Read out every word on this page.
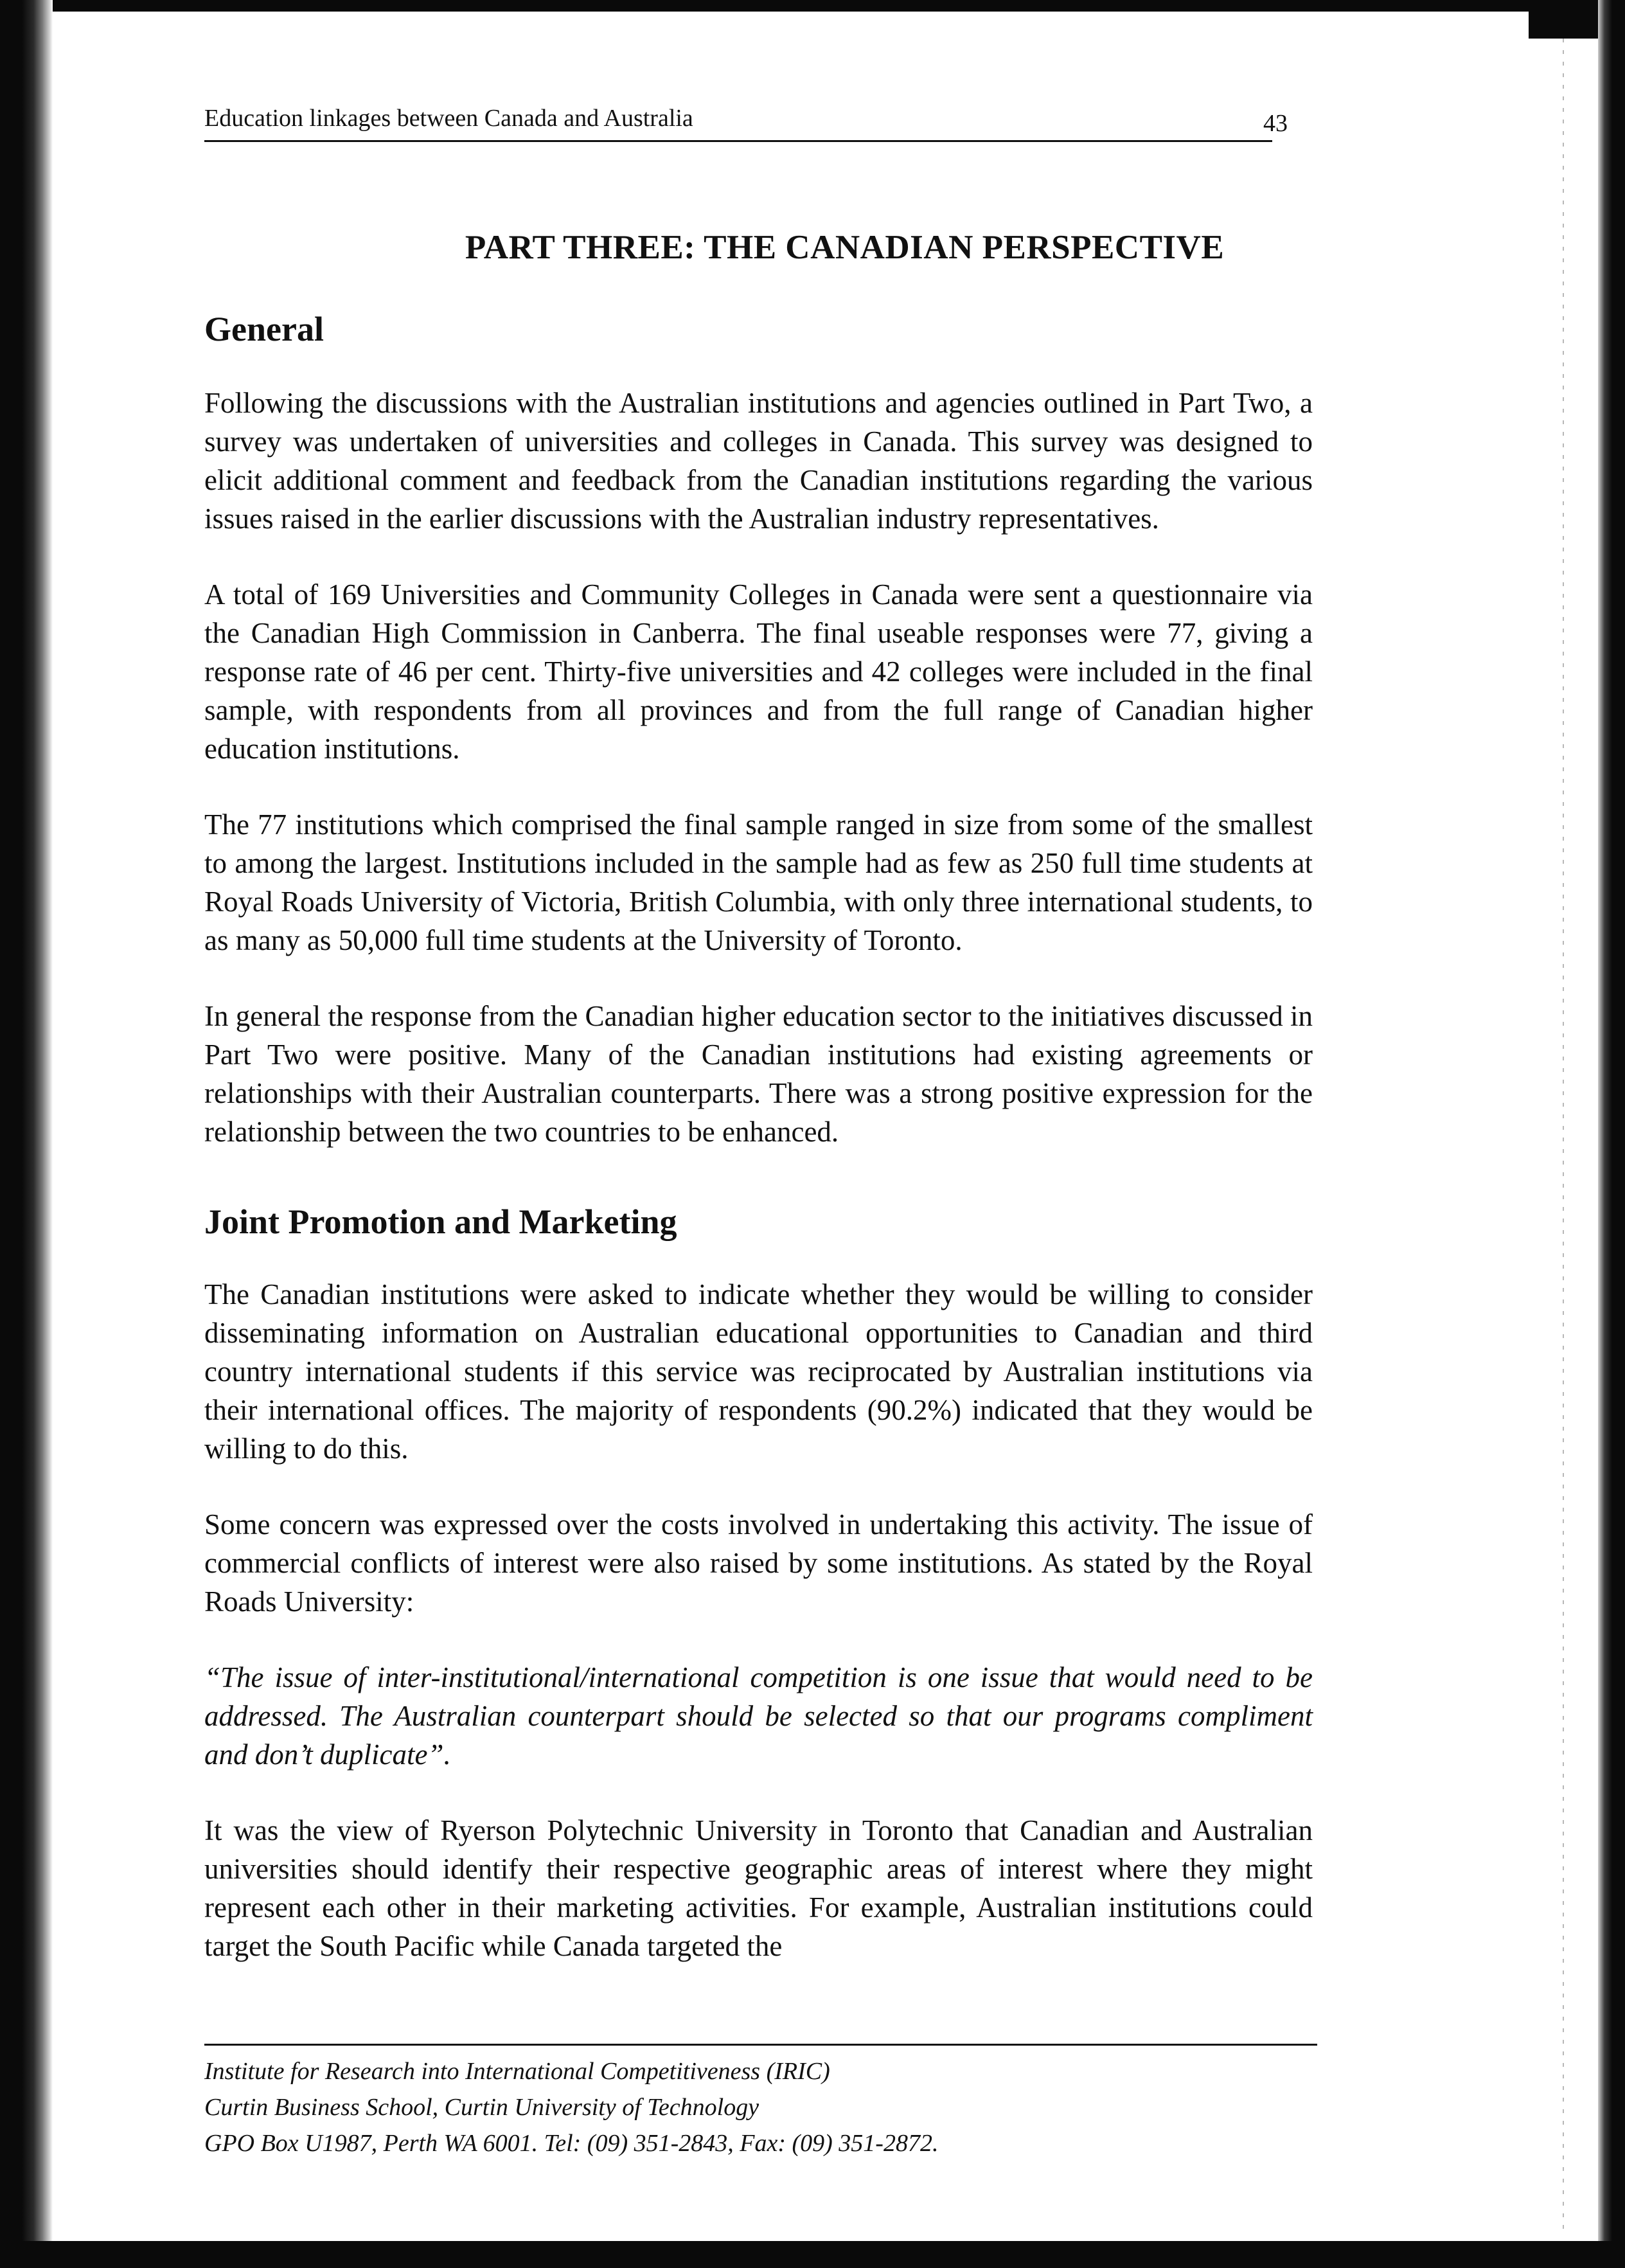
Education linkages between Canada and Australia	43
PART THREE: THE CANADIAN PERSPECTIVE
General

Following the discussions with the Australian institutions and agencies outlined in Part Two, a survey was undertaken of universities and colleges in Canada. This survey was designed to elicit additional comment and feedback from the Canadian institutions regarding the various issues raised in the earlier discussions with the Australian industry representatives.

A total of 169 Universities and Community Colleges in Canada were sent a questionnaire via the Canadian High Commission in Canberra. The final useable responses were 77, giving a response rate of 46 per cent. Thirty-five universities and 42 colleges were included in the final sample, with respondents from all provinces and from the full range of Canadian higher education institutions.

The 77 institutions which comprised the final sample ranged in size from some of the smallest to among the largest. Institutions included in the sample had as few as 250 full time students at Royal Roads University of Victoria, British Columbia, with only three international students, to as many as 50,000 full time students at the University of Toronto.

In general the response from the Canadian higher education sector to the initiatives discussed in Part Two were positive. Many of the Canadian institutions had existing agreements or relationships with their Australian counterparts. There was a strong positive expression for the relationship between the two countries to be enhanced.

Joint Promotion and Marketing

The Canadian institutions were asked to indicate whether they would be willing to consider disseminating information on Australian educational opportunities to Canadian and third country international students if this service was reciprocated by Australian institutions via their international offices. The majority of respondents (90.2%) indicated that they would be willing to do this.

Some concern was expressed over the costs involved in undertaking this activity. The issue of commercial conflicts of interest were also raised by some institutions. As stated by the Royal Roads University:

“The issue of inter-institutional/international competition is one issue that would need to be addressed. The Australian counterpart should be selected so that our programs compliment and don’t duplicate”.

It was the view of Ryerson Polytechnic University in Toronto that Canadian and Australian universities should identify their respective geographic areas of interest where they might represent each other in their marketing activities. For example, Australian institutions could target the South Pacific while Canada targeted the

Institute for Research into International Competitiveness (IRIC)
Curtin Business School, Curtin University of Technology
GPO Box U1987, Perth WA 6001. Tel: (09) 351-2843, Fax: (09) 351-2872.
